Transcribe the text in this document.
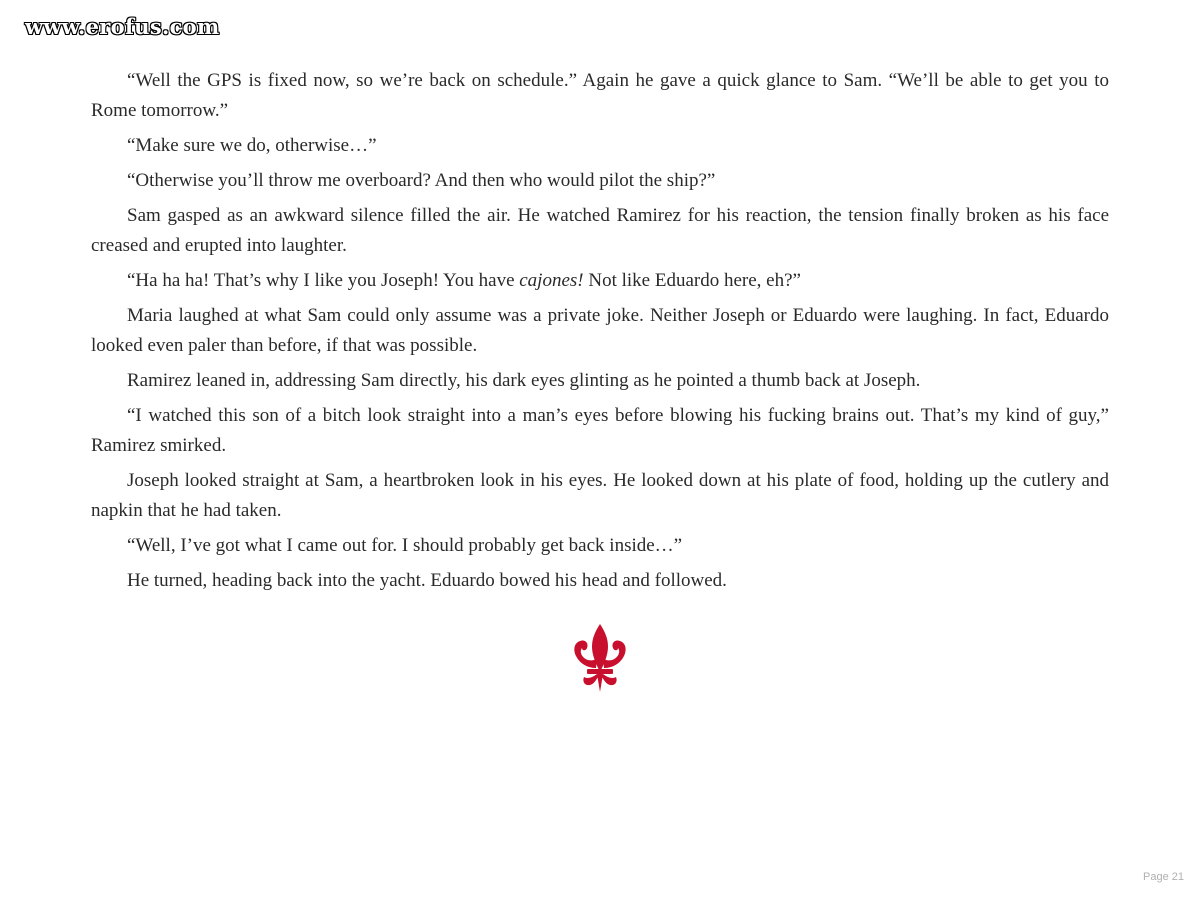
www.erofus.com

“Well the GPS is fixed now, so we’re back on schedule.” Again he gave a quick glance to Sam. “We’ll be able to get you to Rome tomorrow.”

“Make sure we do, otherwise…”

“Otherwise you’ll throw me overboard? And then who would pilot the ship?”

Sam gasped as an awkward silence filled the air. He watched Ramirez for his reaction, the tension finally broken as his face creased and erupted into laughter.

“Ha ha ha! That’s why I like you Joseph! You have cajones! Not like Eduardo here, eh?”

Maria laughed at what Sam could only assume was a private joke. Neither Joseph or Eduardo were laughing. In fact, Eduardo looked even paler than before, if that was possible.

Ramirez leaned in, addressing Sam directly, his dark eyes glinting as he pointed a thumb back at Joseph.

“I watched this son of a bitch look straight into a man’s eyes before blowing his fucking brains out. That’s my kind of guy,” Ramirez smirked.

Joseph looked straight at Sam, a heartbroken look in his eyes. He looked down at his plate of food, holding up the cutlery and napkin that he had taken.

“Well, I’ve got what I came out for. I should probably get back inside…”

He turned, heading back into the yacht. Eduardo bowed his head and followed.

Page 21
